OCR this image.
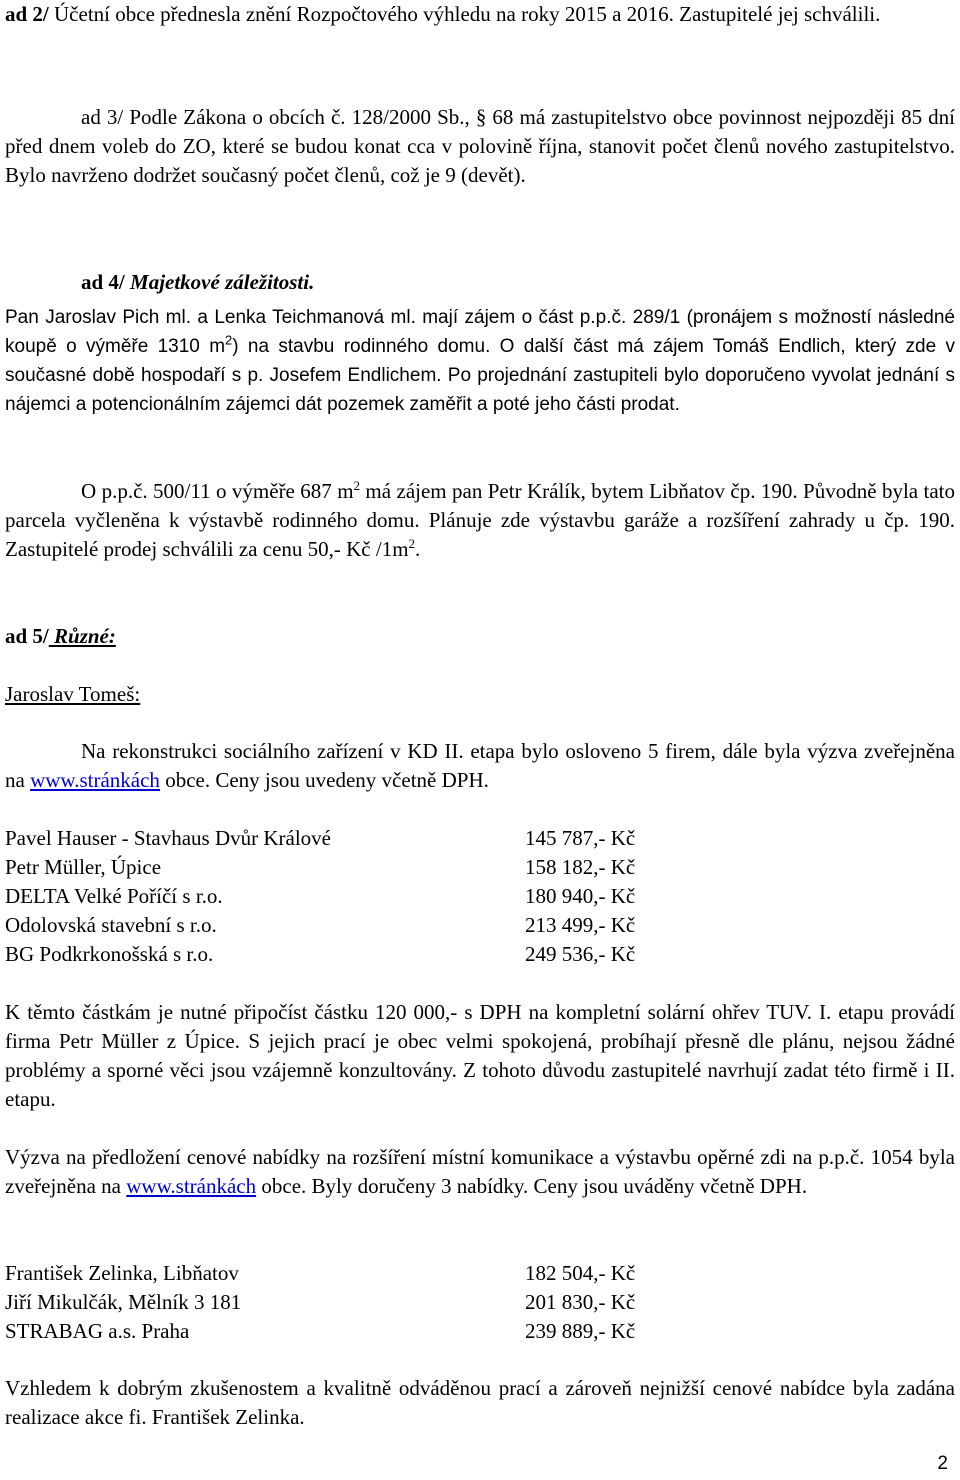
ad 2/ Účetní obce přednesla znění Rozpočtového výhledu na roky 2015 a 2016. Zastupitelé jej schválili.

ad 3/ Podle Zákona o obcích č. 128/2000 Sb., § 68 má zastupitelstvo obce povinnost nejpozději 85 dní před dnem voleb do ZO, které se budou konat cca v polovině října, stanovit počet členů nového zastupitelstvo. Bylo navrženo dodržet současný počet členů, což je 9 (devět).

ad 4/ Majetkové záležitosti.

Pan Jaroslav Pich ml. a Lenka Teichmanová ml. mají zájem o část p.p.č. 289/1 (pronájem s možností následné koupě o výměře 1310 $m^2$) na stavbu rodinného domu. O další část má zájem Tomáš Endlich, který zde v současné době hospodaří s p. Josefem Endlichem. Po projednání zastupiteli bylo doporučeno vyvolat jednání s nájemci a potencionálním zájemci dát pozemek zaměřit a poté jeho části prodat.

O p.p.č. 500/11 o výměře 687 $m^2$ má zájem pan Petr Králík, bytem Libňatov čp. 190. Původně byla tato parcela vyčleněna k výstavbě rodinného domu. Plánuje zde výstavbu garáže a rozšíření zahrady u čp. 190. Zastupitelé prodej schválili za cenu 50,- Kč $/1m^2$.

ad 5/ Různé:

Jaroslav Tomeš:

Na rekonstrukci sociálního zařízení v KD II. etapa bylo osloveno 5 firem, dále byla výzva zveřejněna na www.stránkách obce. Ceny jsou uvedeny včetně DPH.

Pavel Hauser - Stavhaus Dvůr Králové	145 787,- Kč
Petr Müller, Úpice	158 182,- Kč
DELTA Velké Poříčí s r.o.	180 940,- Kč
Odolovská stavební s r.o.	213 499,- Kč
BG Podkrkonošská s r.o.	249 536,- Kč

K těmto částkám je nutné připočíst částku 120 000,- s DPH na kompletní solární ohřev TUV. I. etapu provádí firma Petr Müller z Úpice. S jejich prací je obec velmi spokojená, probíhají přesně dle plánu, nejsou žádné problémy a sporné věci jsou vzájemně konzultovány. Z tohoto důvodu zastupitelé navrhují zadat této firmě i II. etapu.

Výzva na předložení cenové nabídky na rozšíření místní komunikace a výstavbu opěrné zdi na p.p.č. 1054 byla zveřejněna na www.stránkách obce. Byly doručeny 3 nabídky. Ceny jsou uváděny včetně DPH.

František Zelinka, Libňatov	182 504,- Kč
Jiří Mikulčák, Mělník 3 181	201 830,- Kč
STRABAG a.s. Praha	239 889,- Kč

Vzhledem k dobrým zkušenostem a kvalitně odváděnou prací a zároveň nejnižší cenové nabídce byla zadána realizace akce fi. František Zelinka.

2
